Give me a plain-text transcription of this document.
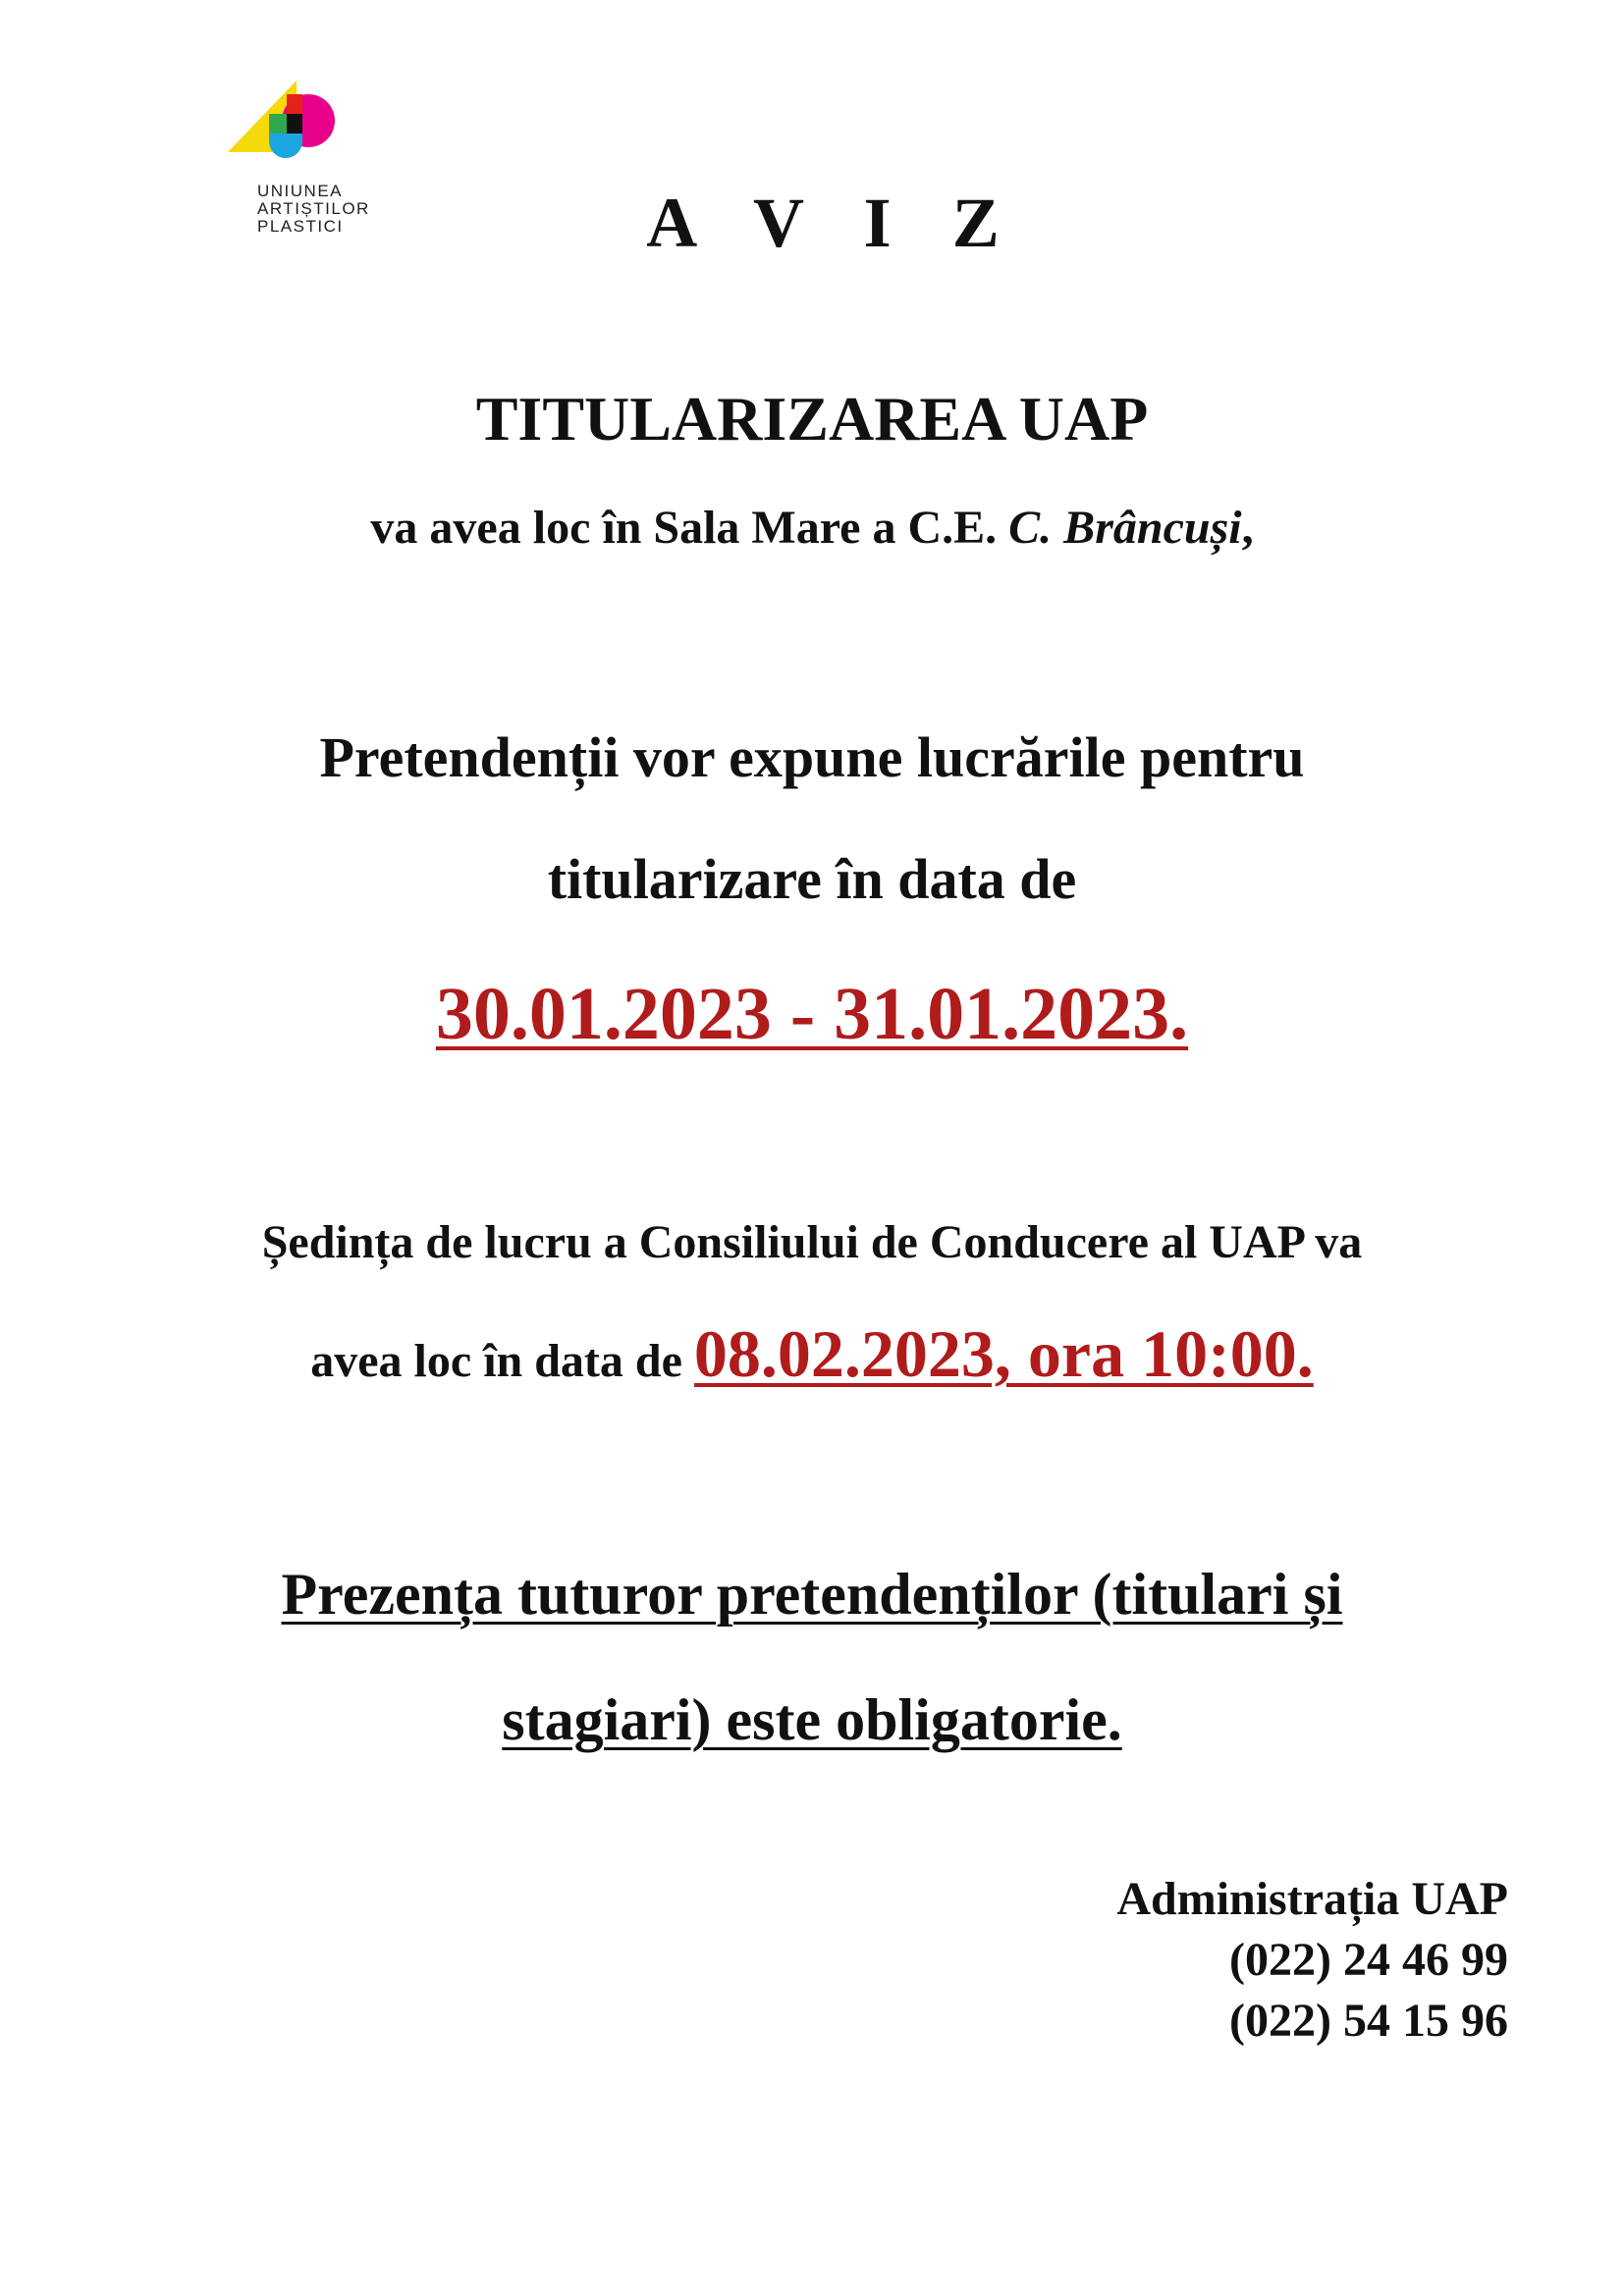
UNIUNEA
ARTIȘTILOR
PLASTICI	A V I Z
TITULARIZAREA UAP
va avea loc în Sala Mare a C.E. C. Brâncuși,
Pretendenții vor expune lucrările pentru
titularizare în data de
30.01.2023 - 31.01.2023.
Ședința de lucru a Consiliului de Conducere al UAP va
avea loc în data de 08.02.2023, ora 10:00.
Prezența tuturor pretendenților (titulari și
stagiari) este obligatorie.
Administrația UAP
(022) 24 46 99
(022) 54 15 96
